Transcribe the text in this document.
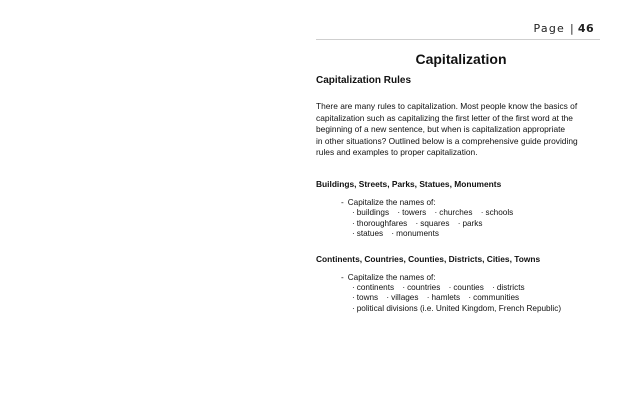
Page | 46
Capitalization
Capitalization Rules

There are many rules to capitalization. Most people know the basics of
capitalization such as capitalizing the first letter of the first word at the
beginning of a new sentence, but when is capitalization appropriate
in other situations? Outlined below is a comprehensive guide providing
rules and examples to proper capitalization.

Buildings, Streets, Parks, Statues, Monuments
- Capitalize the names of:
· buildings · towers · churches · schools
· thoroughfares · squares · parks
· statues · monuments
Continents, Countries, Counties, Districts, Cities, Towns
- Capitalize the names of:
· continents · countries · counties · districts
· towns · villages · hamlets · communities
· political divisions (i.e. United Kingdom, French Republic)
